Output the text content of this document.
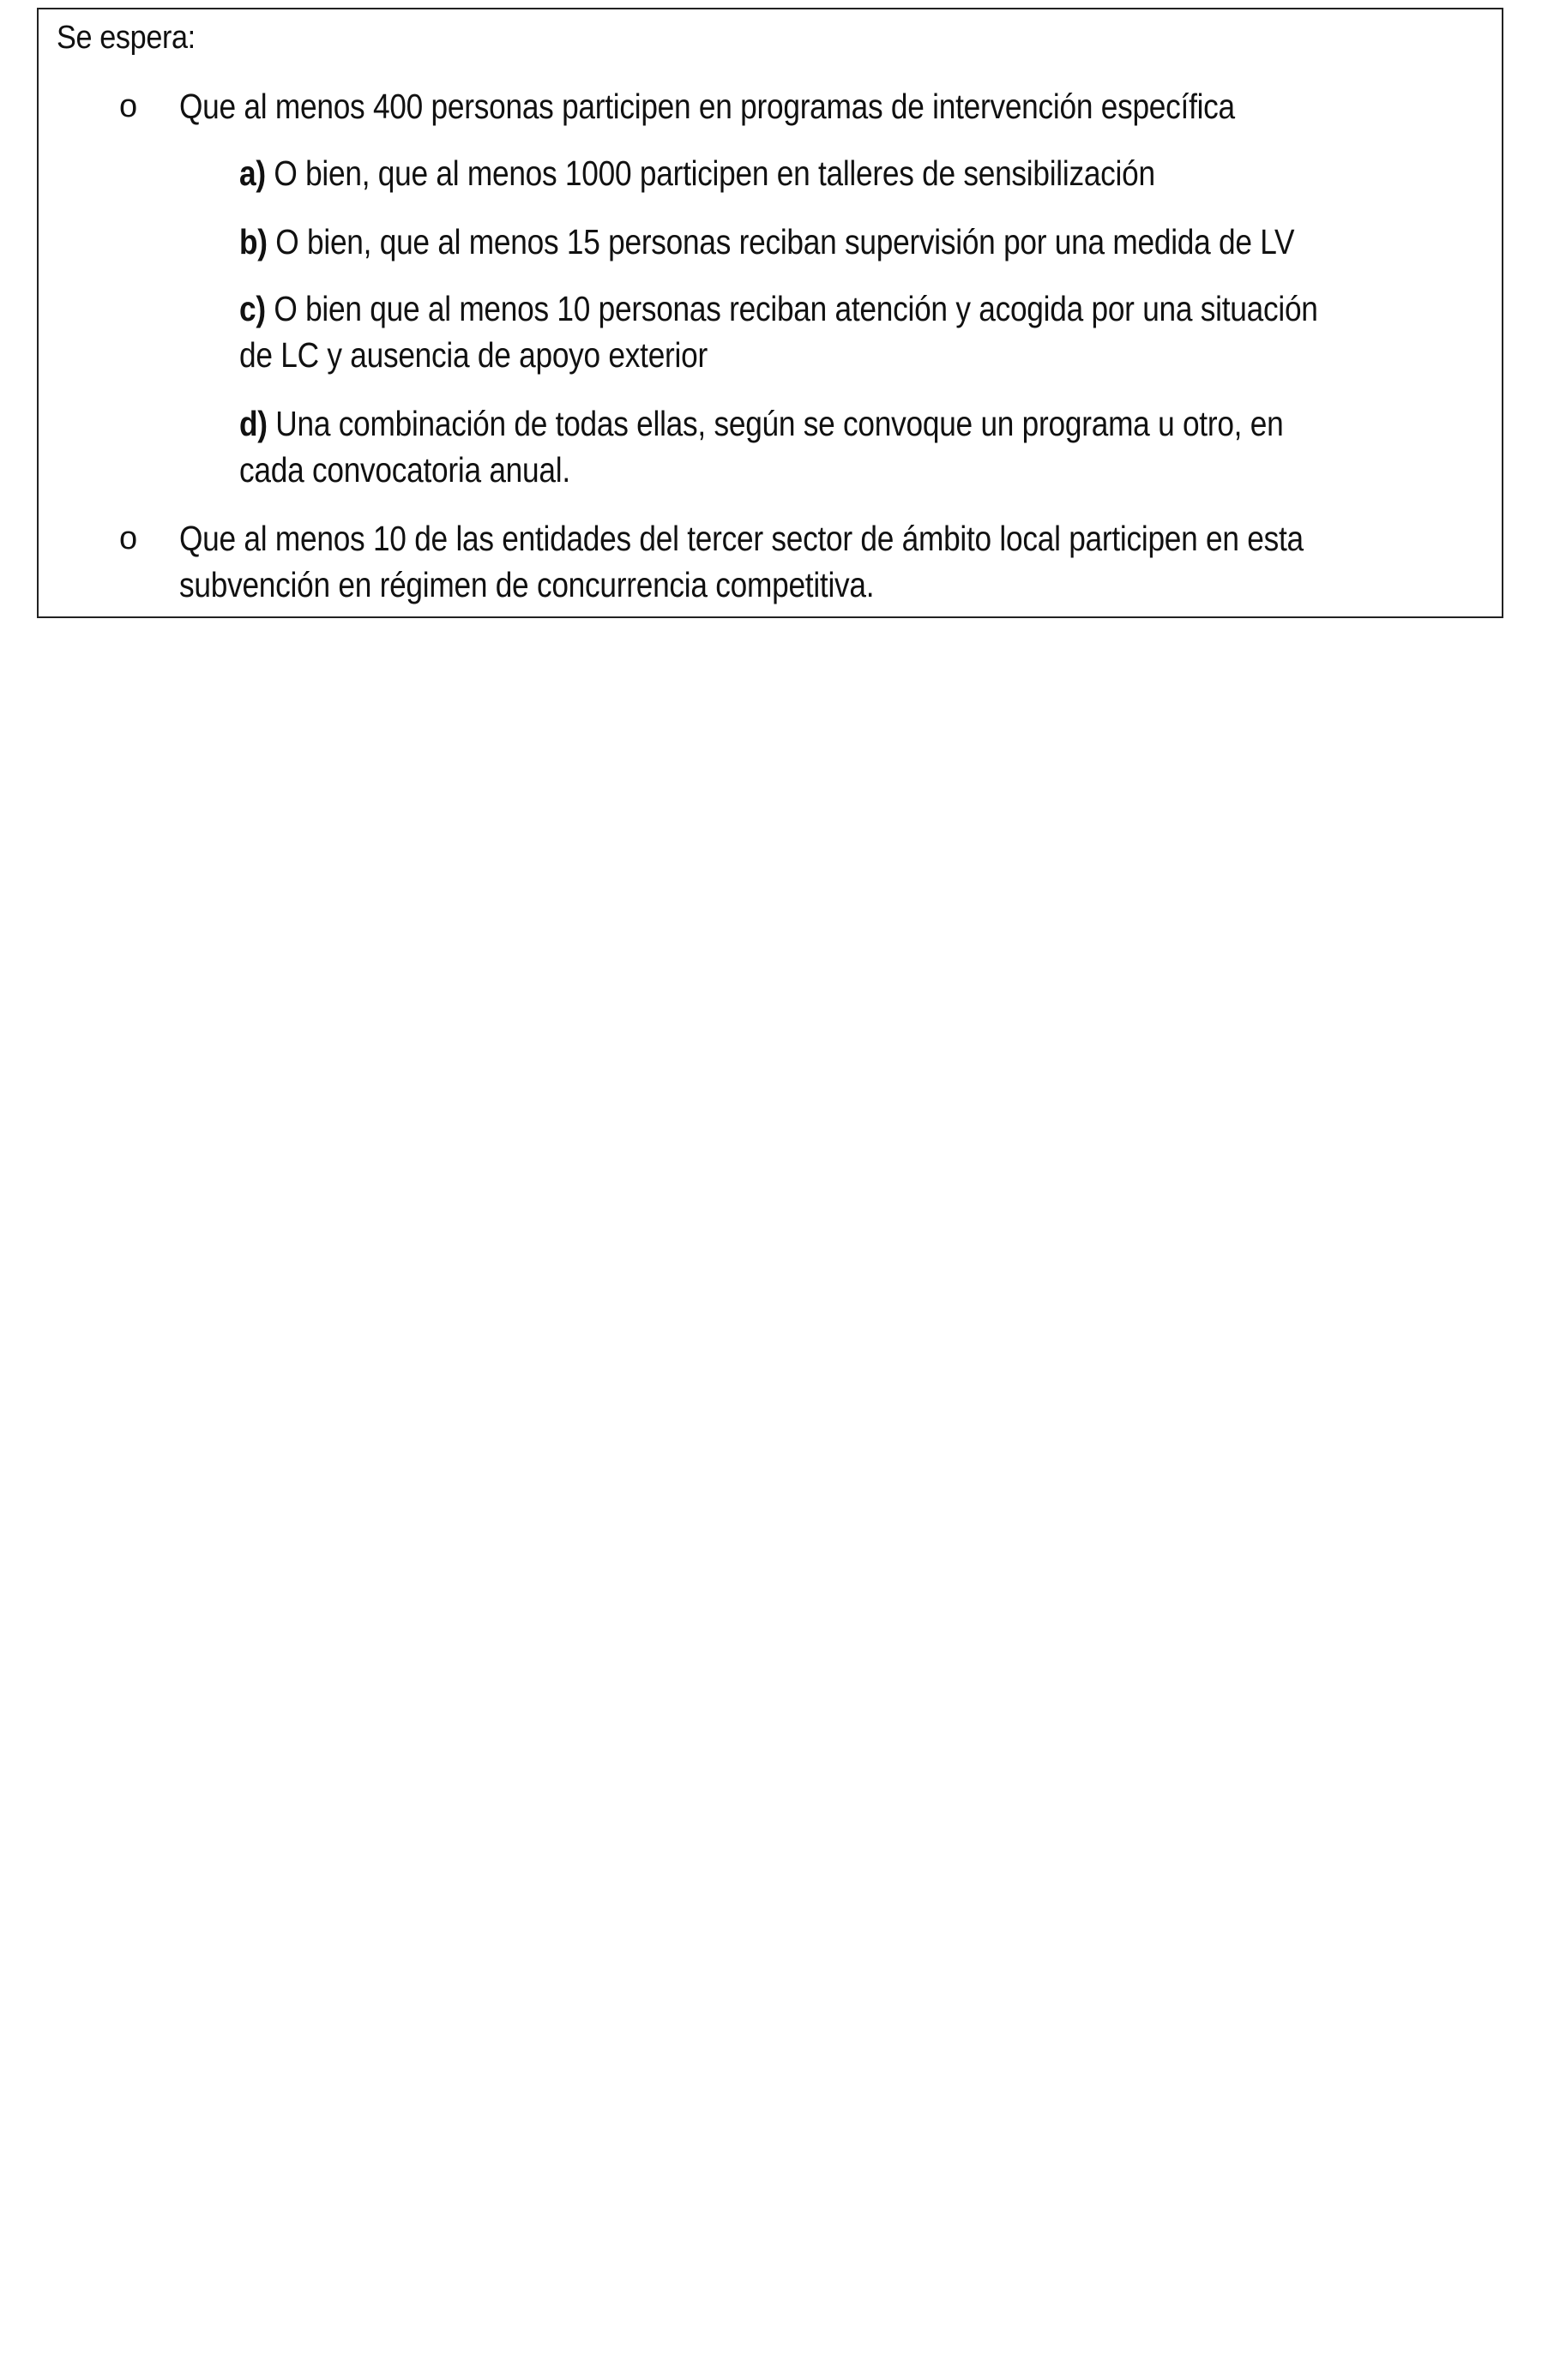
Se espera:
o Que al menos 400 personas participen en programas de intervención específica
a) O bien, que al menos 1000 participen en talleres de sensibilización
b) O bien, que al menos 15 personas reciban supervisión por una medida de LV
c) O bien que al menos 10 personas reciban atención y acogida por una situación de LC y ausencia de apoyo exterior
d) Una combinación de todas ellas, según se convoque un programa u otro, en cada convocatoria anual.
o Que al menos 10 de las entidades del tercer sector de ámbito local participen en esta subvención en régimen de concurrencia competitiva.
